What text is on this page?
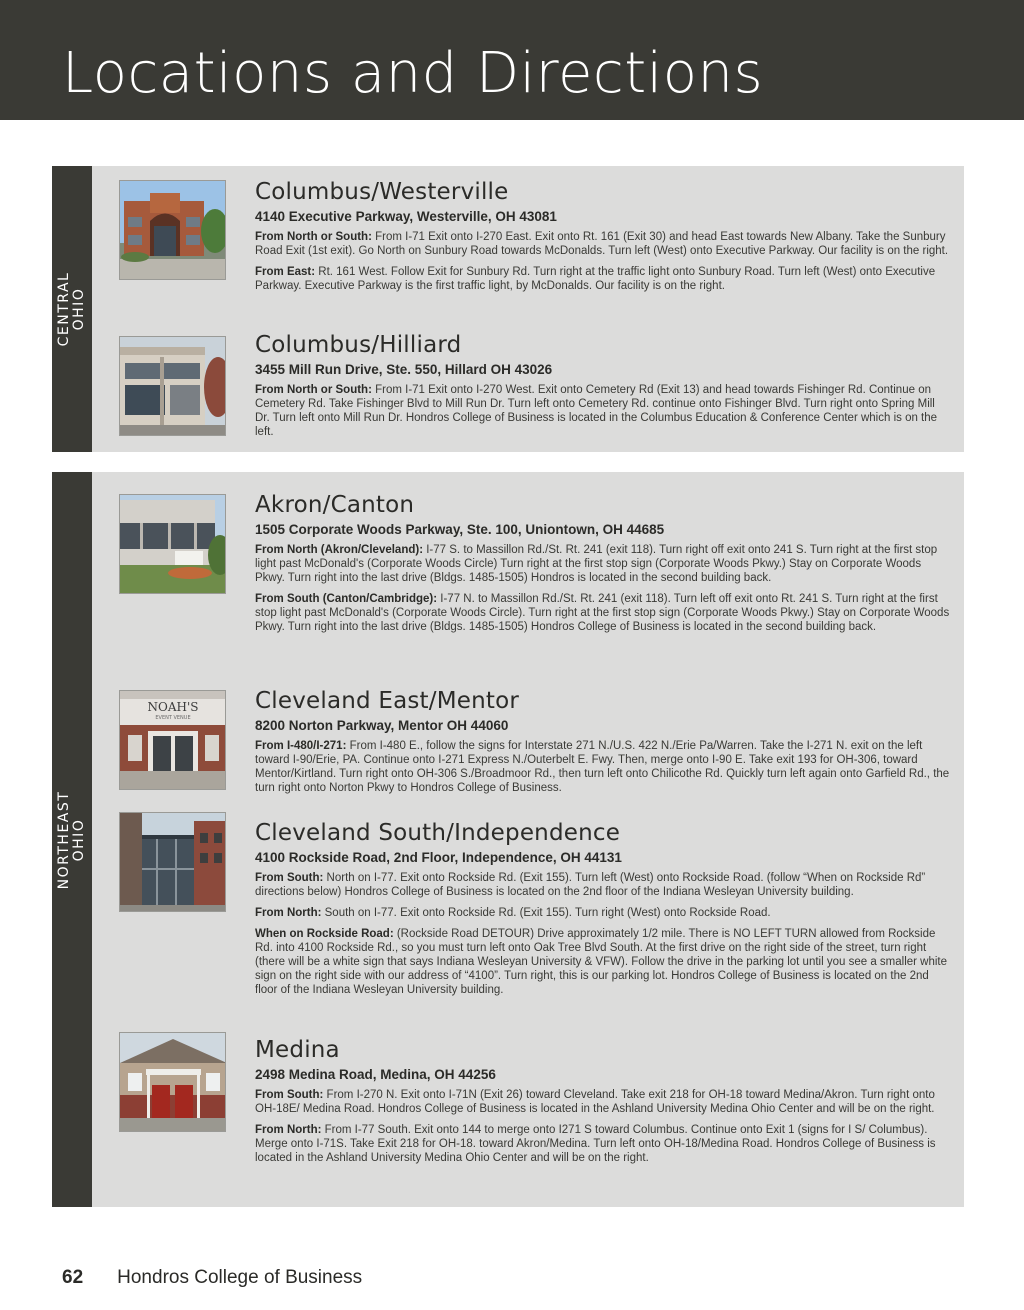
Locations and Directions
CENTRAL
OHIO
NORTHEAST
OHIO
NOAH'S
EVENT VENUE
Columbus/Westerville
4140 Executive Parkway, Westerville, OH 43081

From North or South: From I-71 Exit onto I-270 East. Exit onto Rt. 161 (Exit 30) and head East towards New Albany. Take the Sunbury Road Exit (1st exit). Go North on Sunbury Road towards McDonalds. Turn left (West) onto Executive Parkway. Our facility is on the right.

From East: Rt. 161 West. Follow Exit for Sunbury Rd. Turn right at the traffic light onto Sunbury Road. Turn left (West) onto Executive Parkway. Executive Parkway is the first traffic light, by McDonalds. Our facility is on the right.

Columbus/Hilliard
3455 Mill Run Drive, Ste. 550, Hillard OH 43026

From North or South: From I-71 Exit onto I-270 West. Exit onto Cemetery Rd (Exit 13) and head towards Fishinger Rd. Continue on Cemetery Rd. Take Fishinger Blvd to Mill Run Dr. Turn left onto Cemetery Rd. continue onto Fishinger Blvd. Turn right onto Spring Mill Dr. Turn left onto Mill Run Dr. Hondros College of Business is located in the Columbus Education & Conference Center which is on the left.

Akron/Canton
1505 Corporate Woods Parkway, Ste. 100, Uniontown, OH 44685

From North (Akron/Cleveland): I-77 S. to Massillon Rd./St. Rt. 241 (exit 118). Turn right off exit onto 241 S. Turn right at the first stop light past McDonald's (Corporate Woods Circle) Turn right at the first stop sign (Corporate Woods Pkwy.) Stay on Corporate Woods Pkwy. Turn right into the last drive (Bldgs. 1485-1505) Hondros is located in the second building back.

From South (Canton/Cambridge): I-77 N. to Massillon Rd./St. Rt. 241 (exit 118). Turn left off exit onto Rt. 241 S. Turn right at the first stop light past McDonald's (Corporate Woods Circle). Turn right at the first stop sign (Corporate Woods Pkwy.) Stay on Corporate Woods Pkwy. Turn right into the last drive (Bldgs. 1485-1505) Hondros College of Business is located in the second building back.

Cleveland East/Mentor
8200 Norton Parkway, Mentor OH 44060

From I-480/I-271: From I-480 E., follow the signs for Interstate 271 N./U.S. 422 N./Erie Pa/Warren. Take the I-271 N. exit on the left toward I-90/Erie, PA. Continue onto I-271 Express N./Outerbelt E. Fwy. Then, merge onto I-90 E. Take exit 193 for OH-306, toward Mentor/Kirtland. Turn right onto OH-306 S./Broadmoor Rd., then turn left onto Chilicothe Rd. Quickly turn left again onto Garfield Rd., the turn right onto Norton Pkwy to Hondros College of Business.

Cleveland South/Independence
4100 Rockside Road, 2nd Floor, Independence, OH 44131

From South: North on I-77. Exit onto Rockside Rd. (Exit 155). Turn left (West) onto Rockside Road. (follow “When on Rockside Rd” directions below) Hondros College of Business is located on the 2nd floor of the Indiana Wesleyan University building.

From North: South on I-77. Exit onto Rockside Rd. (Exit 155). Turn right (West) onto Rockside Road.

When on Rockside Road: (Rockside Road DETOUR) Drive approximately 1/2 mile. There is NO LEFT TURN allowed from Rockside Rd. into 4100 Rockside Rd., so you must turn left onto Oak Tree Blvd South. At the first drive on the right side of the street, turn right (there will be a white sign that says Indiana Wesleyan University & VFW). Follow the drive in the parking lot until you see a smaller white sign on the right side with our address of “4100”. Turn right, this is our parking lot. Hondros College of Business is located on the 2nd floor of the Indiana Wesleyan University building.

Medina
2498 Medina Road, Medina, OH 44256

From South: From I-270 N. Exit onto I-71N (Exit 26) toward Cleveland. Take exit 218 for OH-18 toward Medina/Akron. Turn right onto OH-18E/ Medina Road. Hondros College of Business is located in the Ashland University Medina Ohio Center and will be on the right.

From North: From I-77 South. Exit onto 144 to merge onto I271 S toward Columbus. Continue onto Exit 1 (signs for I S/ Columbus). Merge onto I-71S. Take Exit 218 for OH-18. toward Akron/Medina. Turn left onto OH-18/Medina Road. Hondros College of Business is located in the Ashland University Medina Ohio Center and will be on the right.

62 Hondros College of Business
